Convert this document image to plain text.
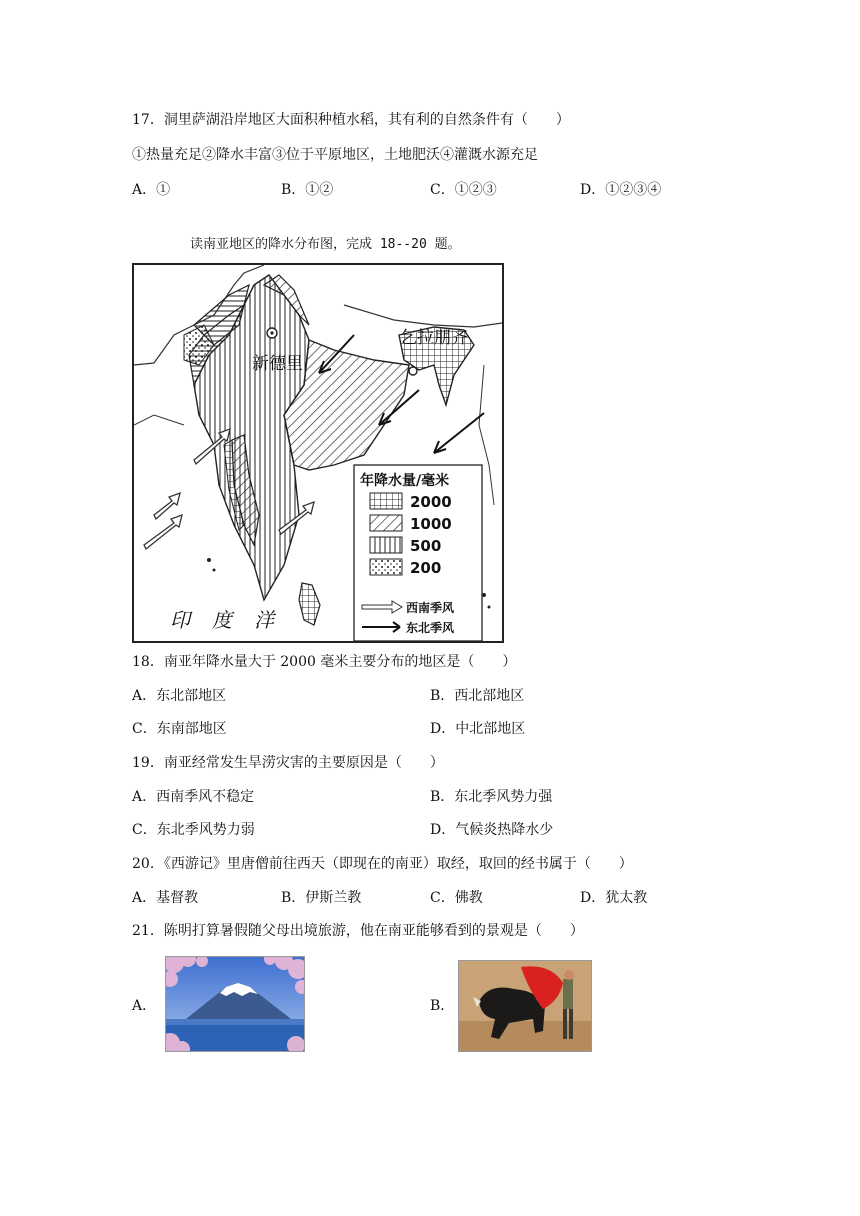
17．洞里萨湖沿岸地区大面积种植水稻，其有利的自然条件有（　　）
①热量充足②降水丰富③位于平原地区，土地肥沃④灌溉水源充足
A．①	B．①②	C．①②③	D．①②③④
读南亚地区的降水分布图，完成 18--20 题。
新德里
乞拉朋齐
印 度 洋
年降水量/毫米
2000
1000
500
200
西南季风
东北季风
18．南亚年降水量大于 2000 毫米主要分布的地区是（　　）
A．东北部地区	B．西北部地区
C．东南部地区	D．中北部地区
19．南亚经常发生旱涝灾害的主要原因是（　　）
A．西南季风不稳定	B．东北季风势力强
C．东北季风势力弱	D．气候炎热降水少
20．《西游记》里唐僧前往西天（即现在的南亚）取经，取回的经书属于（　　）
A．基督教	B．伊斯兰教	C．佛教	D．犹太教
21．陈明打算暑假随父母出境旅游，他在南亚能够看到的景观是（　　）
A．	B．
